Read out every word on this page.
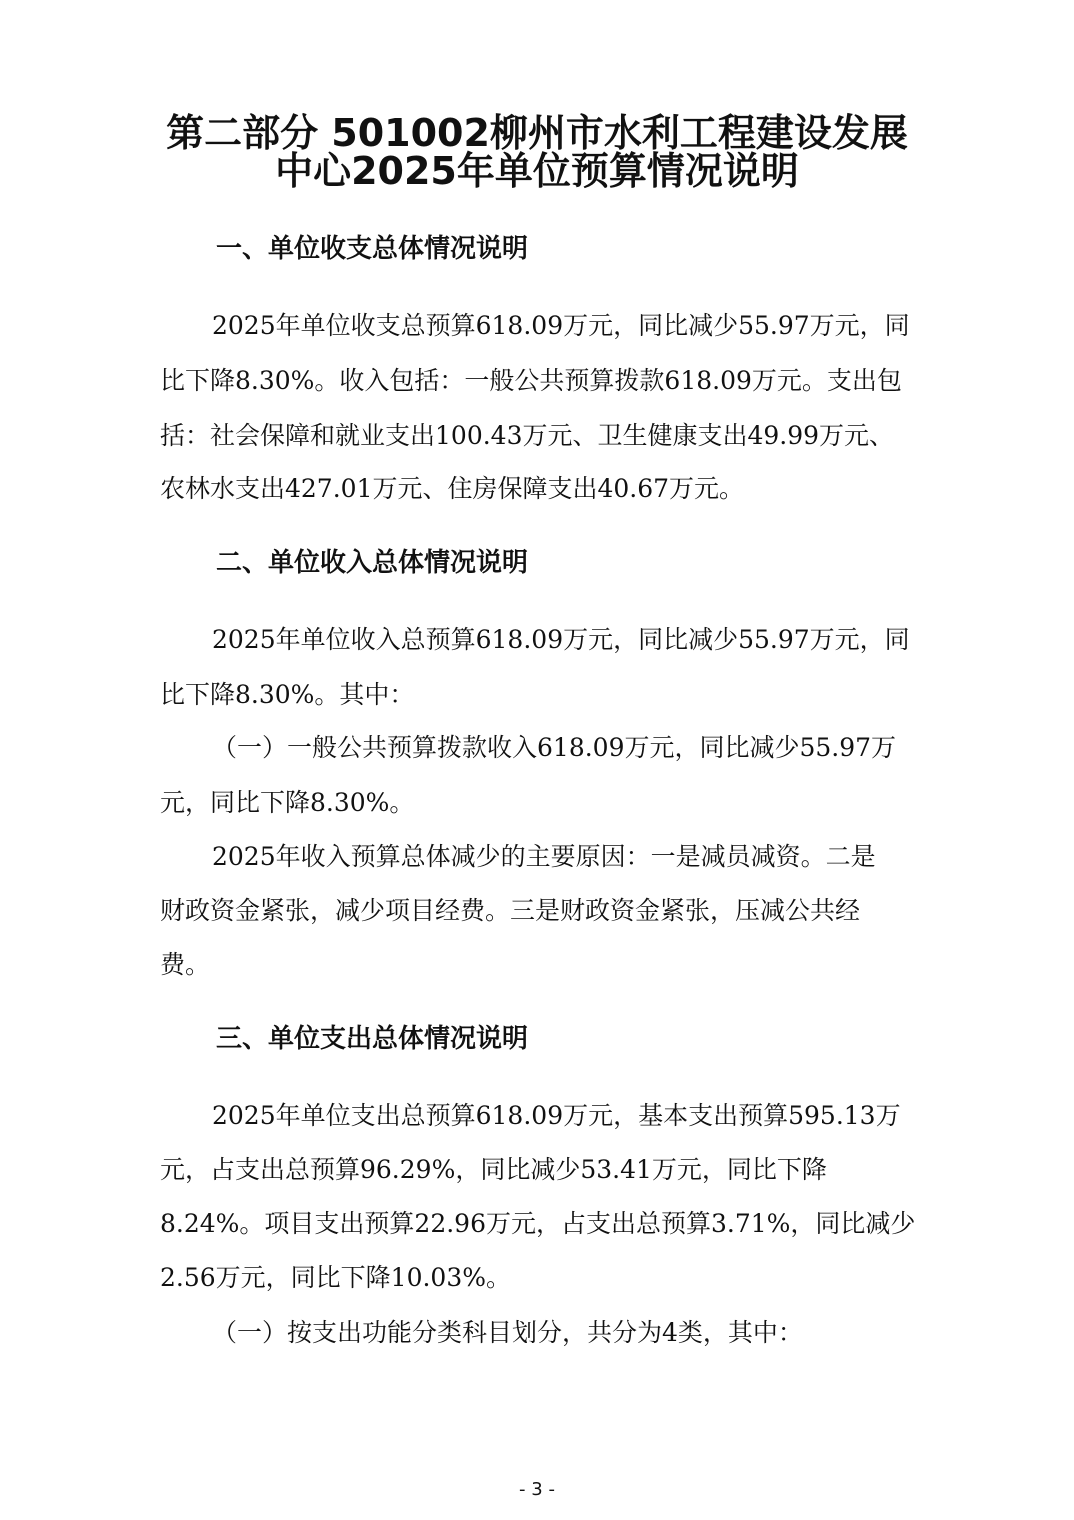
第二部分 501002柳州市水利工程建设发展
中心2025年单位预算情况说明
一、单位收支总体情况说明

2025年单位收支总预算618.09万元，同比减少55.97万元，同

比下降8.30%。收入包括：一般公共预算拨款618.09万元。支出包

括：社会保障和就业支出100.43万元、卫生健康支出49.99万元、

农林水支出427.01万元、住房保障支出40.67万元。

二、单位收入总体情况说明

2025年单位收入总预算618.09万元，同比减少55.97万元，同

比下降8.30%。其中：

（一）一般公共预算拨款收入618.09万元，同比减少55.97万

元，同比下降8.30%。

2025年收入预算总体减少的主要原因：一是减员减资。二是

财政资金紧张，减少项目经费。三是财政资金紧张，压减公共经

费。

三、单位支出总体情况说明

2025年单位支出总预算618.09万元，基本支出预算595.13万

元，占支出总预算96.29%，同比减少53.41万元，同比下降

8.24%。项目支出预算22.96万元，占支出总预算3.71%，同比减少

2.56万元，同比下降10.03%。

（一）按支出功能分类科目划分，共分为4类，其中：

- 3 -
